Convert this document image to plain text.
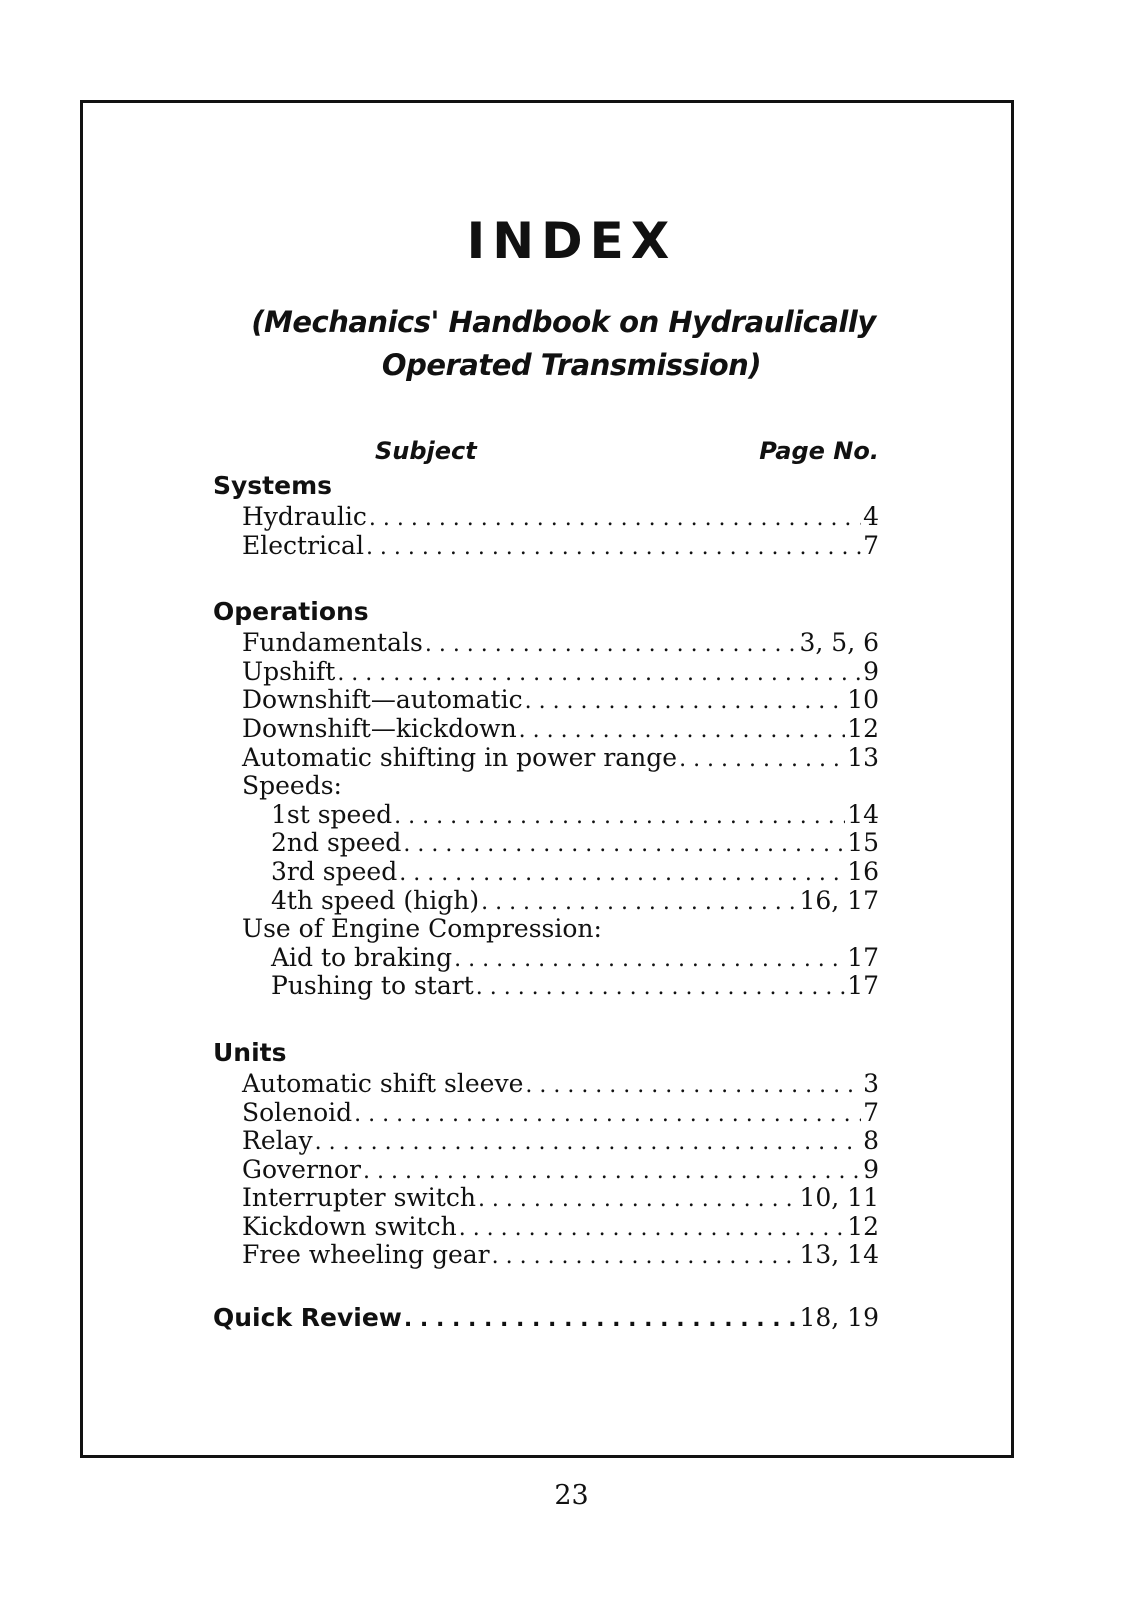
INDEX
(Mechanics' Handbook on Hydraulically
Operated Transmission)
Subject	Page No.
Systems
Hydraulic . . .	4
Electrical . . .	7
Operations
Fundamentals . . .	3, 5, 6
Upshift . . .	9
Downshift—automatic . . .	10
Downshift—kickdown . . .	12
Automatic shifting in power range . . .	13
Speeds:
1st speed . . .	14
2nd speed . . .	15
3rd speed . . .	16
4th speed (high) . . .	16, 17
Use of Engine Compression:
Aid to braking . . .	17
Pushing to start . . .	17
Units
Automatic shift sleeve . . .	3
Solenoid . . .	7
Relay . . .	8
Governor . . .	9
Interrupter switch . . .	10, 11
Kickdown switch . . .	12
Free wheeling gear . . .	13, 14
Quick Review . . .	18, 19
23
